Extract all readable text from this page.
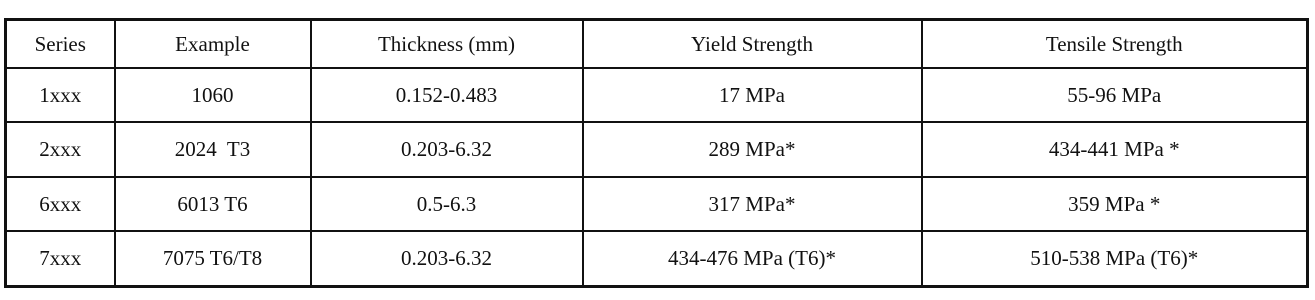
Series	Example	Thickness (mm)	Yield Strength	Tensile Strength
1xxx	1060	0.152-0.483	17 MPa	55-96 MPa
2xxx	2024  T3	0.203-6.32	289 MPa*	434-441 MPa *
6xxx	6013 T6	0.5-6.3	317 MPa*	359 MPa *
7xxx	7075 T6/T8	0.203-6.32	434-476 MPa (T6)*	510-538 MPa (T6)*
